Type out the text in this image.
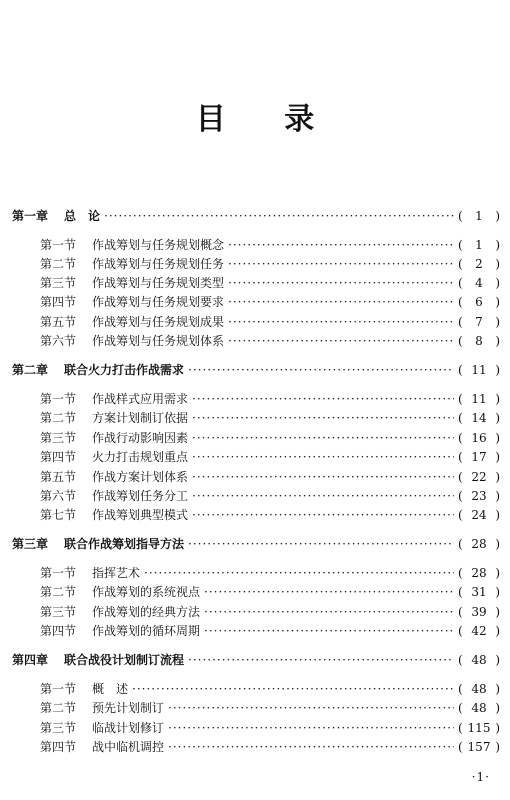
目 录
第一章	总　论 ·····	(	1	)
第一节	作战筹划与任务规划概念 ·····	(	1	)
第二节	作战筹划与任务规划任务 ·····	(	2	)
第三节	作战筹划与任务规划类型 ·····	(	4	)
第四节	作战筹划与任务规划要求 ·····	(	6	)
第五节	作战筹划与任务规划成果 ·····	(	7	)
第六节	作战筹划与任务规划体系 ·····	(	8	)
第二章	联合火力打击作战需求 ·····	( 11 )
第一节	作战样式应用需求 ·····	( 11 )
第二节	方案计划制订依据 ·····	( 14 )
第三节	作战行动影响因素 ·····	( 16 )
第四节	火力打击规划重点 ·····	( 17 )
第五节	作战方案计划体系 ·····	( 22 )
第六节	作战筹划任务分工 ·····	( 23 )
第七节	作战筹划典型模式 ·····	( 24 )
第三章	联合作战筹划指导方法 ·····	( 28 )
第一节	指挥艺术 ·····	( 28 )
第二节	作战筹划的系统视点 ·····	( 31 )
第三节	作战筹划的经典方法 ·····	( 39 )
第四节	作战筹划的循环周期 ·····	( 42 )
第四章	联合战役计划制订流程 ·····	( 48 )
第一节	概　述 ·····	( 48 )
第二节	预先计划制订 ·····	( 48 )
第三节	临战计划修订 ·····	( 115 )
第四节	战中临机调控 ·····	( 157 )
·1·
